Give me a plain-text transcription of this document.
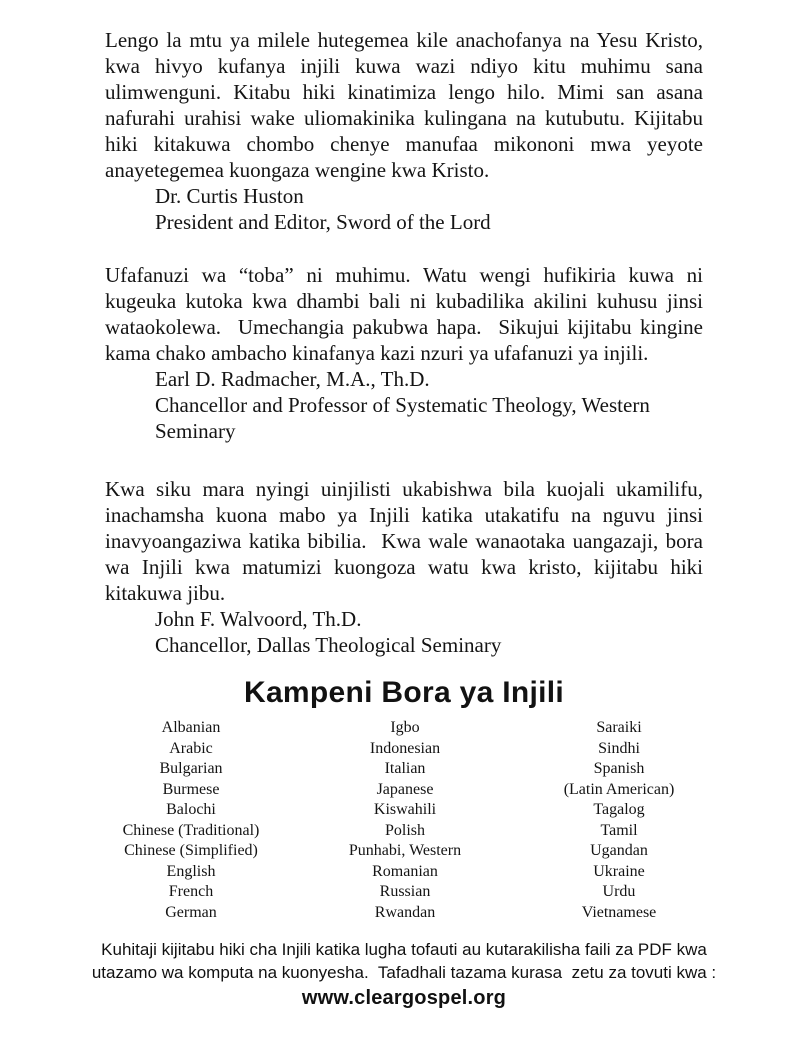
Lengo la mtu ya milele hutegemea kile anachofanya na Yesu Kristo, kwa hivyo kufanya injili kuwa wazi ndiyo kitu muhimu sana ulimwenguni. Kitabu hiki kinatimiza lengo hilo. Mimi san asana nafurahi urahisi wake uliomakinika kulingana na kutubutu. Kijitabu hiki kitakuwa chombo chenye manufaa mikononi mwa yeyote anayetegemea kuongaza wengine kwa Kristo.

Dr. Curtis Huston
President and Editor, Sword of the Lord

Ufafanuzi wa “toba” ni muhimu. Watu wengi hufikiria kuwa ni kugeuka kutoka kwa dhambi bali ni kubadilika akilini kuhusu jinsi wataokolewa.  Umechangia pakubwa hapa.  Sikujui kijitabu kingine kama chako ambacho kinafanya kazi nzuri ya ufafanuzi ya injili.

Earl D. Radmacher, M.A., Th.D.
Chancellor and Professor of Systematic Theology, Western Seminary

Kwa siku mara nyingi uinjilisti ukabishwa bila kuojali ukamilifu, inachamsha kuona mabo ya Injili katika utakatifu na nguvu jinsi inavyoangaziwa katika bibilia.  Kwa wale wanaotaka uangazaji, bora wa Injili kwa matumizi kuongoza watu kwa kristo, kijitabu hiki kitakuwa jibu.

John F. Walvoord, Th.D.
Chancellor, Dallas Theological Seminary
Kampeni Bora ya Injili
Albanian
Arabic
Bulgarian
Burmese
Balochi
Chinese (Traditional)
Chinese (Simplified)
English
French
German
Igbo
Indonesian
Italian
Japanese
Kiswahili
Polish
Punhabi, Western
Romanian
Russian
Rwandan
Saraiki
Sindhi
Spanish
(Latin American)
Tagalog
Tamil
Ugandan
Ukraine
Urdu
Vietnamese
Kuhitaji kijitabu hiki cha Injili katika lugha tofauti au kutarakilisha faili za PDF kwa
utazamo wa komputa na kuonyesha.  Tafadhali tazama kurasa  zetu za tovuti kwa :
www.cleargospel.org
